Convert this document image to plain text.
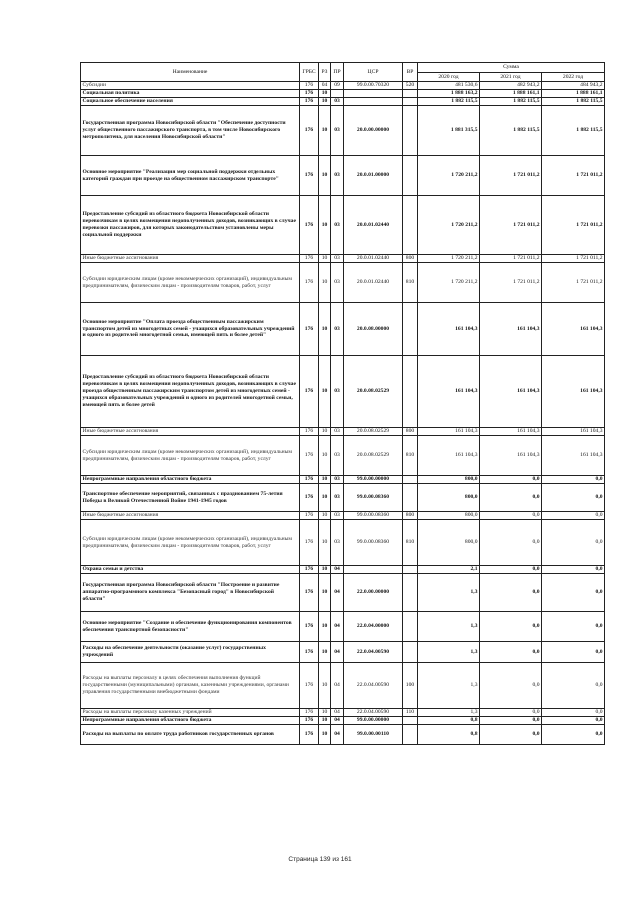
Наименование	ГРБС	РЗ	ПР	ЦСР	ВР	Сумма		
						2020 год	2021 год	2022 год
Субсидии	176	04	09	99.0.00.70320	520	481 530,6	482 943,2	484 943,2
Социальная политика	176	10				1 888 163,2	1 888 161,1	1 888 161,1
Социальное обеспечение населения	176	10	03			1 882 115,5	1 882 115,5	1 882 115,5
Государственная программа Новосибирской области "Обеспечение доступности услуг общественного пассажирского транспорта, в том числе Новосибирского метрополитена, для населения Новосибирской области"	176	10	03	20.0.00.00000		1 881 315,5	1 882 115,5	1 882 115,5
Основное мероприятие "Реализация мер социальной поддержки отдельных категорий граждан при проезде на общественном пассажирском транспорте"	176	10	03	20.0.01.00000		1 720 211,2	1 721 011,2	1 721 011,2
Предоставление субсидий из областного бюджета Новосибирской области перевозчикам в целях возмещения недополученных доходов, возникающих в случае перевозки пассажиров, для которых законодательством установлены меры социальной поддержки	176	10	03	20.0.01.02440		1 720 211,2	1 721 011,2	1 721 011,2
Иные бюджетные ассигнования	176	10	03	20.0.01.02440	800	1 720 211,2	1 721 011,2	1 721 011,2
Субсидии юридическим лицам (кроме некоммерческих организаций), индивидуальным предпринимателям, физическим лицам - производителям товаров, работ, услуг	176	10	03	20.0.01.02440	810	1 720 211,2	1 721 011,2	1 721 011,2
Основное мероприятие "Оплата проезда общественным пассажирским транспортом детей из многодетных семей - учащихся образовательных учреждений и одного из родителей многодетной семьи, имеющей пять и более детей"	176	10	03	20.0.08.00000		161 104,3	161 104,3	161 104,3
Предоставление субсидий из областного бюджета Новосибирской области перевозчикам в целях возмещения недополученных доходов, возникающих в случае проезда общественным пассажирским транспортом детей из многодетных семей - учащихся образовательных учреждений и одного из родителей многодетной семьи, имеющей пять и более детей	176	10	03	20.0.08.02529		161 104,3	161 104,3	161 104,3
Иные бюджетные ассигнования	176	10	03	20.0.08.02529	800	161 104,3	161 104,3	161 104,3
Субсидии юридическим лицам (кроме некоммерческих организаций), индивидуальным предпринимателям, физическим лицам - производителям товаров, работ, услуг	176	10	03	20.0.08.02529	810	161 104,3	161 104,3	161 104,3
Непрограммные направления областного бюджета	176	10	03	99.0.00.00000		800,0	0,0	0,0
Транспортное обеспечение мероприятий, связанных с празднованием 75-летия Победы в Великой Отечественной Войне 1941-1945 годов	176	10	03	99.0.00.08360		800,0	0,0	0,0
Иные бюджетные ассигнования	176	10	03	99.0.00.08360	800	800,0	0,0	0,0
Субсидии юридическим лицам (кроме некоммерческих организаций), индивидуальным предпринимателям, физическим лицам - производителям товаров, работ, услуг	176	10	03	99.0.00.08360	810	800,0	0,0	0,0
Охрана семьи и детства	176	10	04			2,1	0,0	0,0
Государственная программа Новосибирской области "Построение и развитие аппаратно-программного комплекса "Безопасный город" в Новосибирской области"	176	10	04	22.0.00.00000		1,3	0,0	0,0
Основное мероприятие "Создание и обеспечение функционирования компонентов обеспечения транспортной безопасности"	176	10	04	22.0.04.00000		1,3	0,0	0,0
Расходы на обеспечение деятельности (оказание услуг) государственных учреждений	176	10	04	22.0.04.00590		1,3	0,0	0,0
Расходы на выплаты персоналу в целях обеспечения выполнения функций государственными (муниципальными) органами, казенными учреждениями, органами управления государственными внебюджетными фондами	176	10	04	22.0.04.00590	100	1,3	0,0	0,0
Расходы на выплаты персоналу казенных учреждений	176	10	04	22.0.04.00590	110	1,3	0,0	0,0
Непрограммные направления областного бюджета	176	10	04	99.0.00.00000		0,8	0,0	0,0
Расходы на выплаты по оплате труда работников государственных органов	176	10	04	99.0.00.00110		0,8	0,0	0,0
Страница 139 из 161
